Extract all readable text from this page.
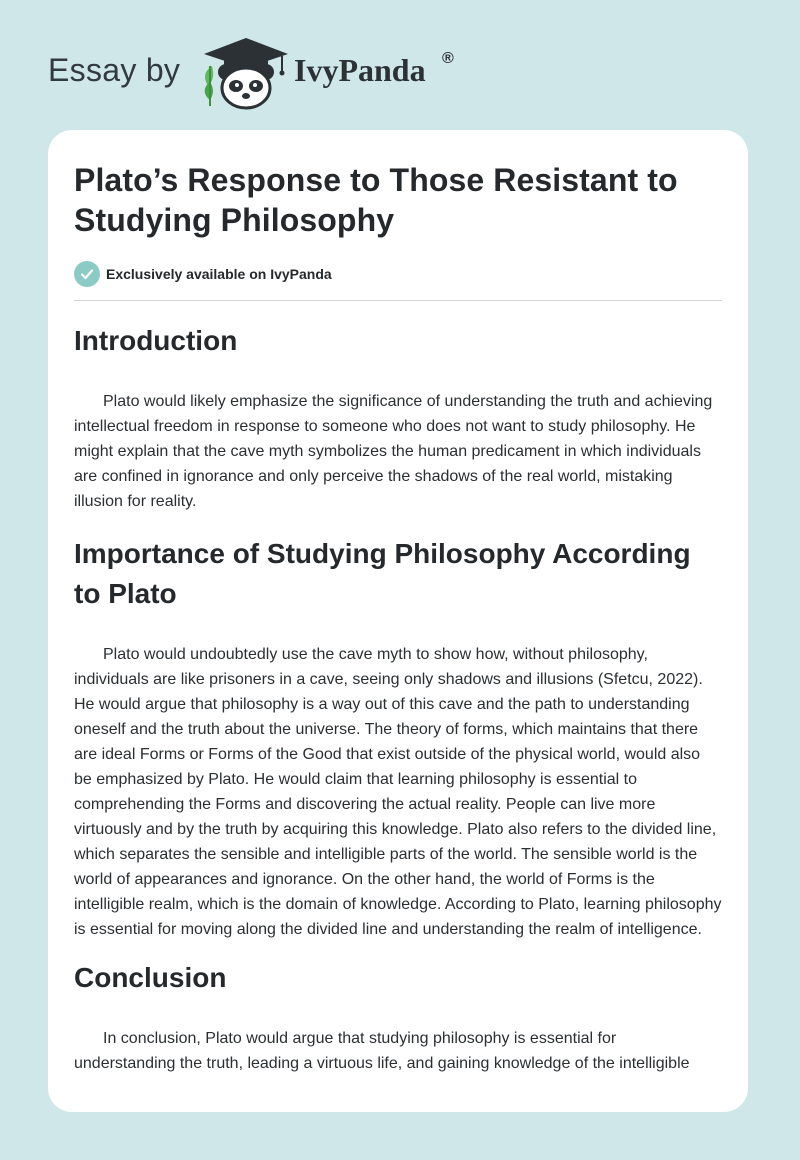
Essay by	IvyPanda ®
Plato’s Response to Those Resistant to Studying Philosophy
Exclusively available on IvyPanda
Introduction

Plato would likely emphasize the significance of understanding the truth and achieving intellectual freedom in response to someone who does not want to study philosophy. He might explain that the cave myth symbolizes the human predicament in which individuals are confined in ignorance and only perceive the shadows of the real world, mistaking illusion for reality.

Importance of Studying Philosophy According to Plato

Plato would undoubtedly use the cave myth to show how, without philosophy, individuals are like prisoners in a cave, seeing only shadows and illusions (Sfetcu, 2022). He would argue that philosophy is a way out of this cave and the path to understanding oneself and the truth about the universe. The theory of forms, which maintains that there are ideal Forms or Forms of the Good that exist outside of the physical world, would also be emphasized by Plato. He would claim that learning philosophy is essential to comprehending the Forms and discovering the actual reality. People can live more virtuously and by the truth by acquiring this knowledge. Plato also refers to the divided line, which separates the sensible and intelligible parts of the world. The sensible world is the world of appearances and ignorance. On the other hand, the world of Forms is the intelligible realm, which is the domain of knowledge. According to Plato, learning philosophy is essential for moving along the divided line and understanding the realm of intelligence.

Conclusion

In conclusion, Plato would argue that studying philosophy is essential for understanding the truth, leading a virtuous life, and gaining knowledge of the intelligible
